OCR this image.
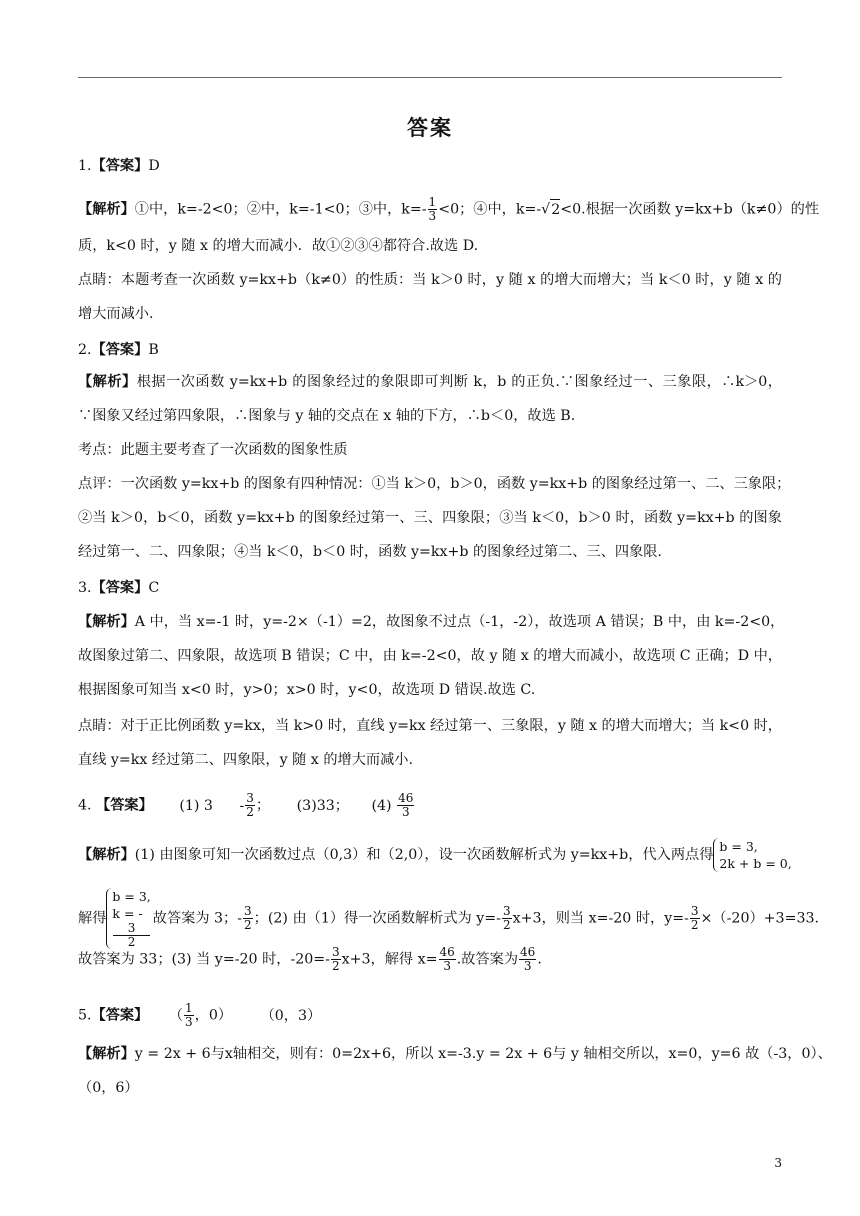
答案
1.【答案】D
【解析】①中，k=-2<0；②中，k=-1<0；③中，$k=- \frac{1}{3} <0$；④中，k=-√2<0.根据一次函数 y=kx+b（k≠0）的性
质，k<0 时，y 随 x 的增大而减小．故①②③④都符合.故选 D.
点睛：本题考查一次函数 y=kx+b（k≠0）的性质：当 k＞0 时，y 随 x 的增大而增大；当 k＜0 时，y 随 x 的
增大而减小.
2.【答案】B
【解析】根据一次函数 y=kx+b 的图象经过的象限即可判断 k，b 的正负.∵图象经过一、三象限，∴k＞0，
∵图象又经过第四象限，∴图象与 y 轴的交点在 x 轴的下方，∴b＜0，故选 B.
考点：此题主要考查了一次函数的图象性质
点评：一次函数 y=kx+b 的图象有四种情况：①当 k＞0，b＞0，函数 y=kx+b 的图象经过第一、二、三象限；
②当 k＞0，b＜0，函数 y=kx+b 的图象经过第一、三、四象限；③当 k＜0，b＞0 时，函数 y=kx+b 的图象
经过第一、二、四象限；④当 k＜0，b＜0 时，函数 y=kx+b 的图象经过第二、三、四象限.
3.【答案】C
【解析】A 中，当 x=-1 时，y=-2×（-1）=2，故图象不过点（-1，-2），故选项 A 错误；B 中，由 k=-2<0，
故图象过第二、四象限，故选项 B 错误；C 中，由 k=-2<0，故 y 随 x 的增大而减小，故选项 C 正确；D 中，
根据图象可知当 x<0 时，y>0；x>0 时，y<0，故选项 D 错误.故选 C.
点睛：对于正比例函数 y=kx，当 k>0 时，直线 y=kx 经过第一、三象限，y 随 x 的增大而增大；当 k<0 时，
直线 y=kx 经过第二、四象限，y 随 x 的增大而减小.
4. 【答案】 (1) $3 - \frac{3}{2}$ ； (3)33； $(4) \frac{46}{3}$
【解析】(1) 由图象可知一次函数过点（0,3）和（2,0），设一次函数解析式为 y=kx+b，代入两点得
b = 3,
2k + b = 0,
解得
b = 3,
k = -
3
2
故答案为 3；- $\frac{3}{2}$ ；(2) 由（1）得一次函数解析式为 $y=- \frac{3}{2} x+3$，则当 x=-20 时，$y=- \frac{3}{2} \times(-20)+3=33$.
故答案为 33；(3) 当 y=-20 时，$-20=- \frac{3}{2} x+3$，解得 $x= \frac{46}{3}$ .故答案为 $\frac{46}{3}$ .
5.【答案】 （ $\frac{1}{3}$ ，0） （0，3）
【解析】y = 2x + 6与x轴相交，则有：0=2x+6，所以 x=-3.y = 2x + 6与 y 轴相交所以，x=0，y=6 故（-3，0）、
（0，6）
3
